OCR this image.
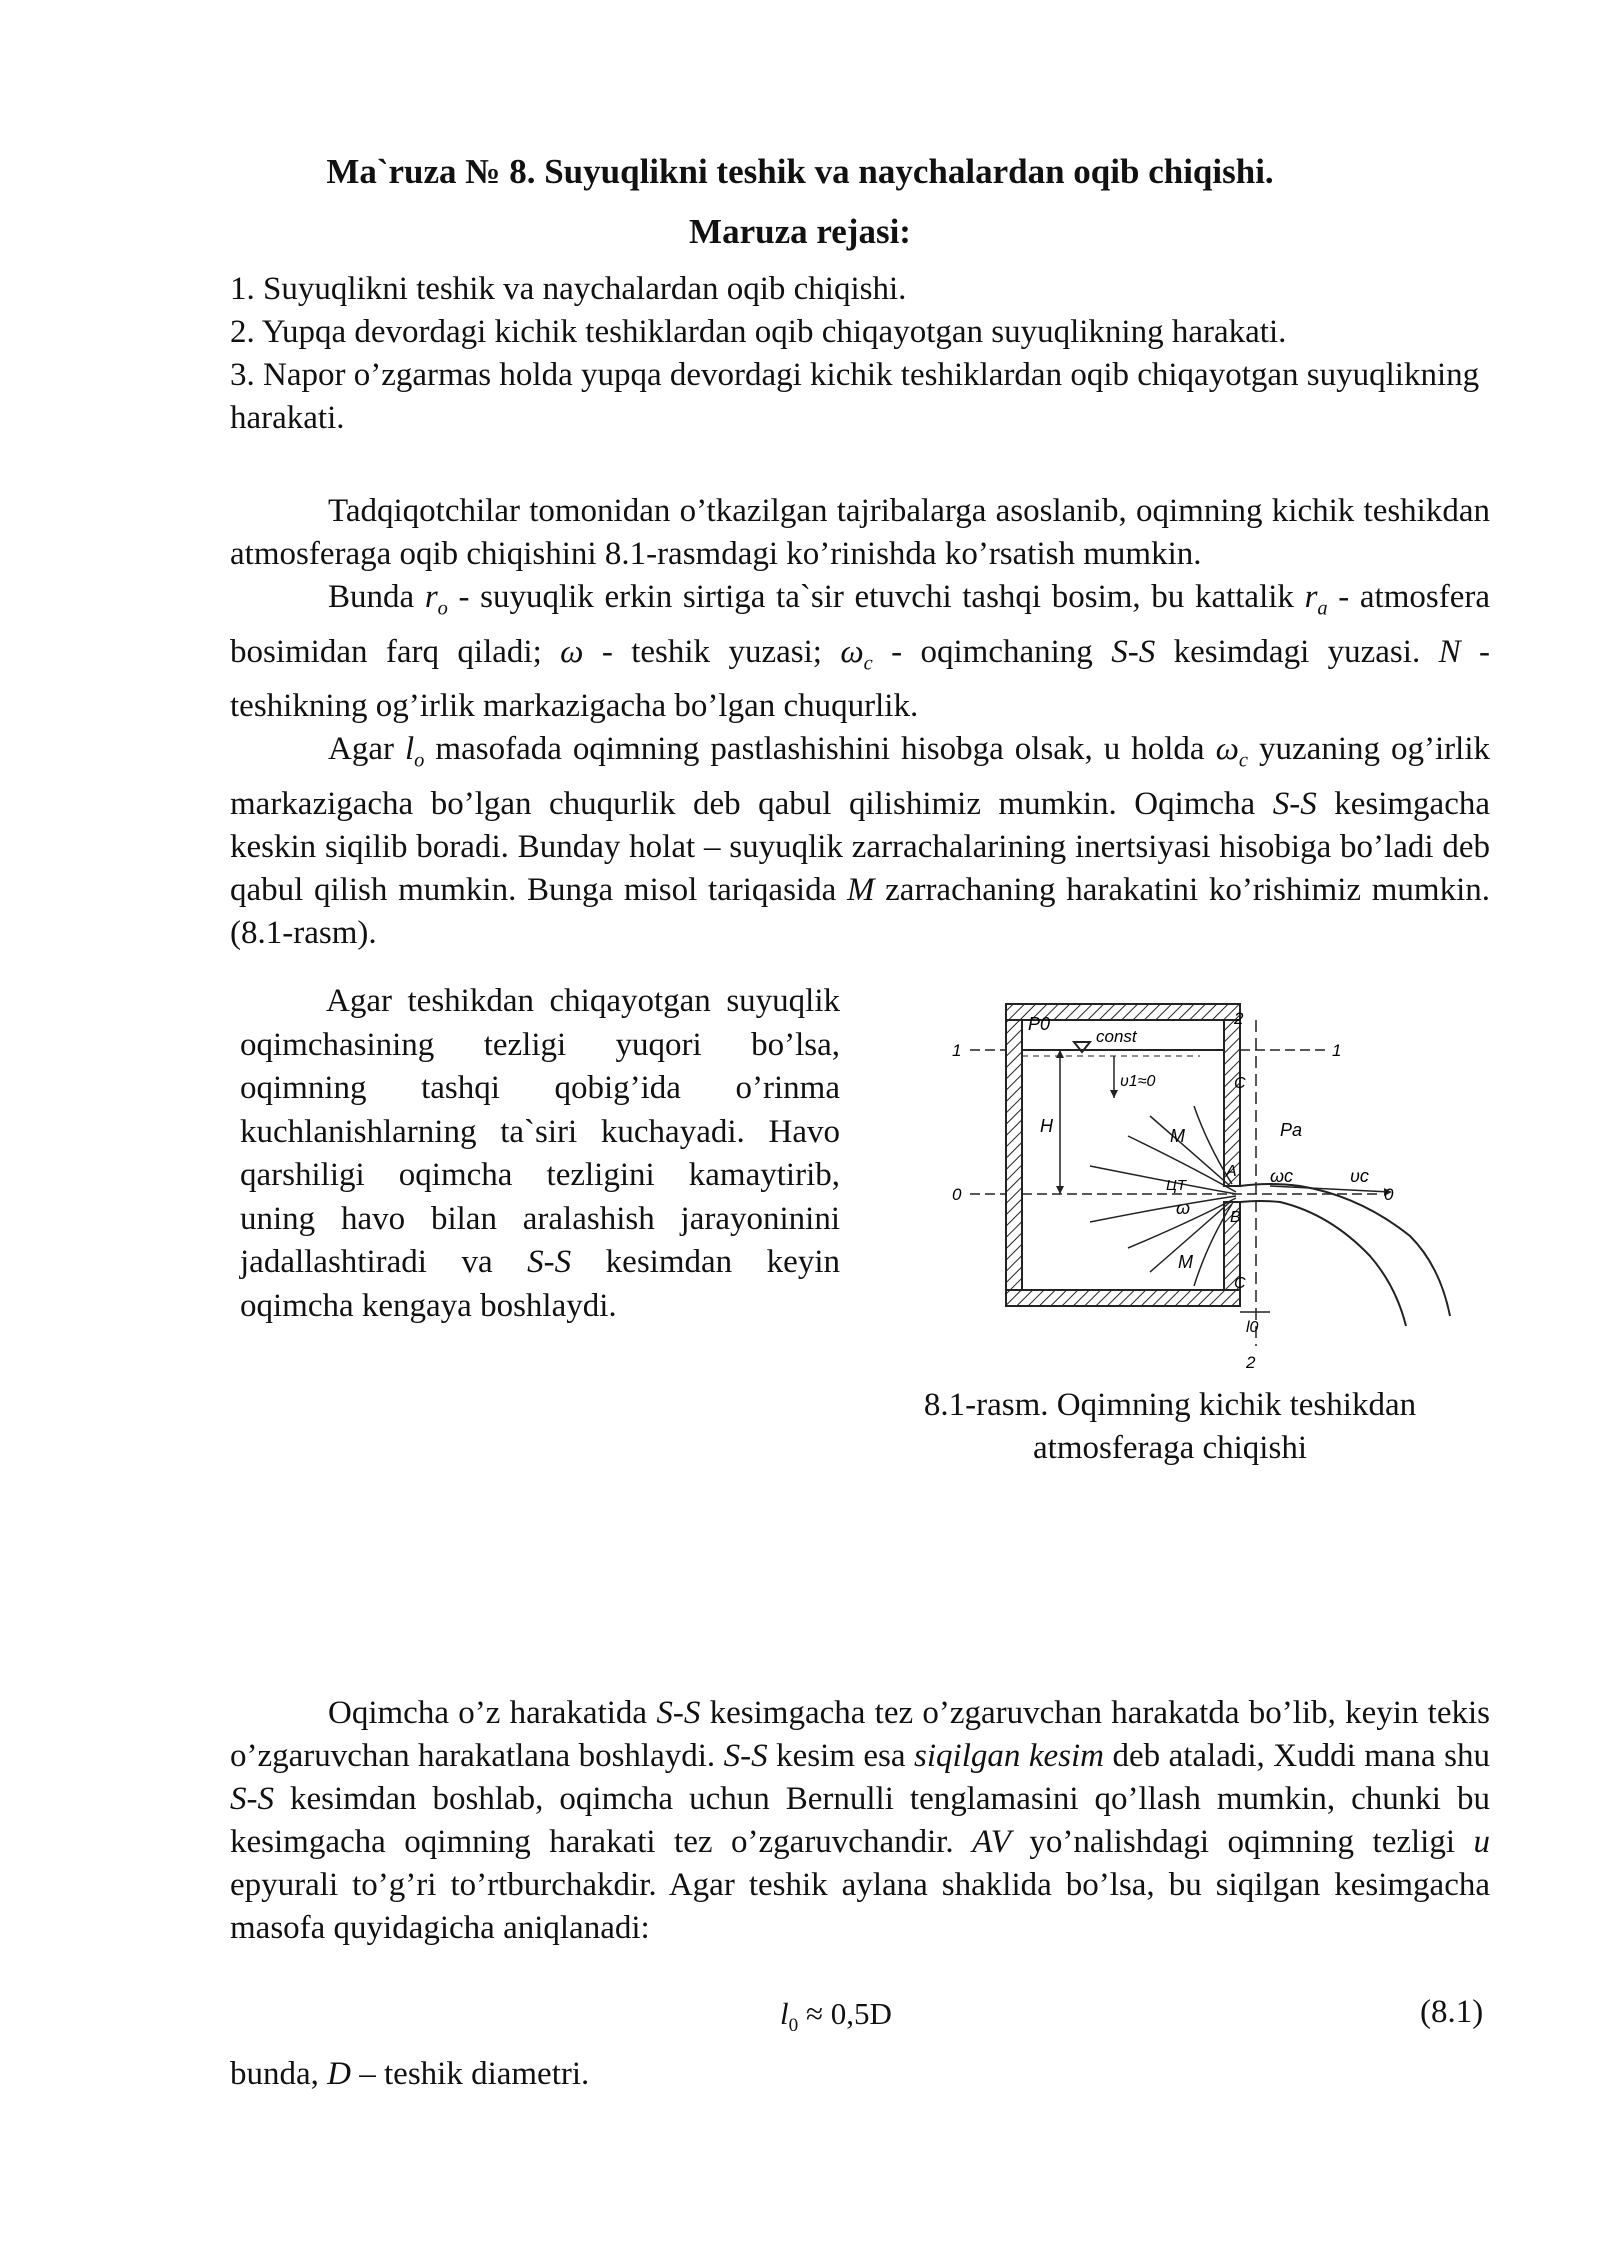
Ma`ruza № 8. Suyuqlikni teshik va naychalardan oqib chiqishi.
Maruza rejasi:
1. Suyuqlikni teshik va naychalardan oqib chiqishi.
2. Yupqa devordagi kichik teshiklardan oqib chiqayotgan suyuqlikning harakati.
3. Napor o’zgarmas holda yupqa devordagi kichik teshiklardan oqib chiqayotgan suyuqlikning harakati.

Tadqiqotchilar tomonidan o’tkazilgan tajribalarga asoslanib, oqimning kichik teshikdan atmosferaga oqib chiqishini 8.1-rasmdagi ko’rinishda ko’rsatish mumkin.

Bunda $r_o$ - suyuqlik erkin sirtiga ta`sir etuvchi tashqi bosim, bu kattalik $r_a$ - atmosfera bosimidan farq qiladi; ω - teshik yuzasi; $\omega_c$ - oqimchaning S-S kesimdagi yuzasi. N - teshikning og’irlik markazigacha bo’lgan chuqurlik.

Agar $l_o$ masofada oqimning pastlashishini hisobga olsak, u holda $\omega_c$ yuzaning og’irlik markazigacha bo’lgan chuqurlik deb qabul qilishimiz mumkin. Oqimcha S-S kesimgacha keskin siqilib boradi. Bunday holat – suyuqlik zarrachalarining inertsiyasi hisobiga bo’ladi deb qabul qilish mumkin. Bunga misol tariqasida M zarrachaning harakatini ko’rishimiz mumkin. (8.1-rasm).

Agar teshikdan chiqayotgan suyuqlik oqimchasining tezligi yuqori bo’lsa, oqimning tashqi qobig’ida o’rinma kuchlanishlarning ta`siri kuchayadi. Havo qarshiligi oqimcha tezligini kamaytirib, uning havo bilan aralashish jarayoninini jadallashtiradi va S-S kesimdan keyin oqimcha kengaya boshlaydi.
P0
const
υ1≈0
H	M
M
A
B
ЦТ
ω
ωc
Pa
υc
C
C
l0
1	1
0	0
2
2
8.1-rasm. Oqimning kichik teshikdan
atmosferaga chiqishi

Oqimcha o’z harakatida S-S kesimgacha tez o’zgaruvchan harakatda bo’lib, keyin tekis o’zgaruvchan harakatlana boshlaydi. S-S kesim esa siqilgan kesim deb ataladi, Xuddi mana shu S-S kesimdan boshlab, oqimcha uchun Bernulli tenglamasini qo’llash mumkin, chunki bu kesimgacha oqimning harakati tez o’zgaruvchandir. AV yo’nalishdagi oqimning tezligi u epyurali to’g’ri to’rtburchakdir. Agar teshik aylana shaklida bo’lsa, bu siqilgan kesimgacha masofa quyidagicha aniqlanadi:

$l_0 \approx 0,5D$	(8.1)
bunda, D – teshik diametri.
